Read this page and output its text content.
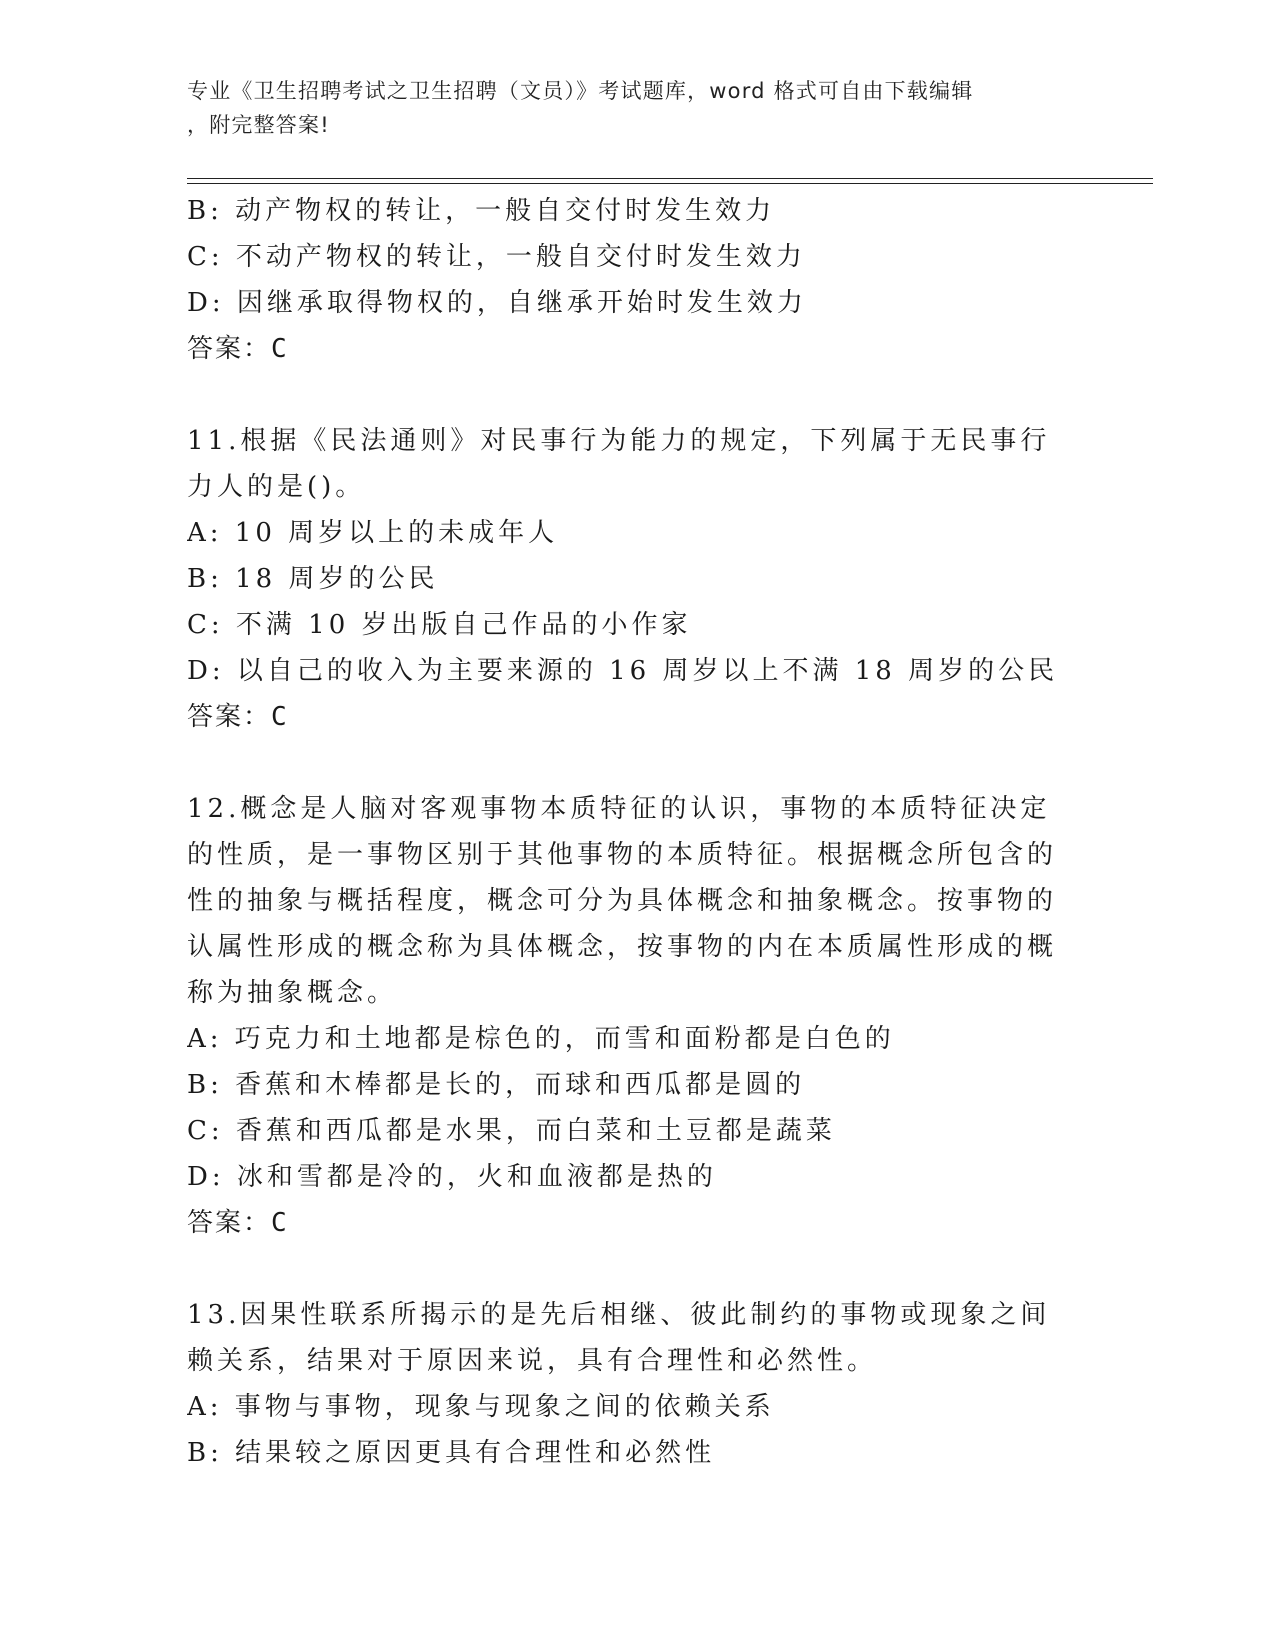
专业《卫生招聘考试之卫生招聘（文员）》考试题库，word 格式可自由下载编辑
，附完整答案!
B: 动产物权的转让，一般自交付时发生效力
C: 不动产物权的转让，一般自交付时发生效力
D: 因继承取得物权的，自继承开始时发生效力
答案：C
11.根据《民法通则》对民事行为能力的规定，下列属于无民事行
力人的是()。
A: 10 周岁以上的未成年人
B: 18 周岁的公民
C: 不满 10 岁出版自己作品的小作家
D: 以自己的收入为主要来源的 16 周岁以上不满 18 周岁的公民
答案：C
12.概念是人脑对客观事物本质特征的认识，事物的本质特征决定
的性质，是一事物区别于其他事物的本质特征。根据概念所包含的
性的抽象与概括程度，概念可分为具体概念和抽象概念。按事物的
认属性形成的概念称为具体概念，按事物的内在本质属性形成的概
称为抽象概念。
A: 巧克力和土地都是棕色的，而雪和面粉都是白色的
B: 香蕉和木棒都是长的，而球和西瓜都是圆的
C: 香蕉和西瓜都是水果，而白菜和土豆都是蔬菜
D: 冰和雪都是冷的，火和血液都是热的
答案：C
13.因果性联系所揭示的是先后相继、彼此制约的事物或现象之间
赖关系，结果对于原因来说，具有合理性和必然性。
A: 事物与事物，现象与现象之间的依赖关系
B: 结果较之原因更具有合理性和必然性
